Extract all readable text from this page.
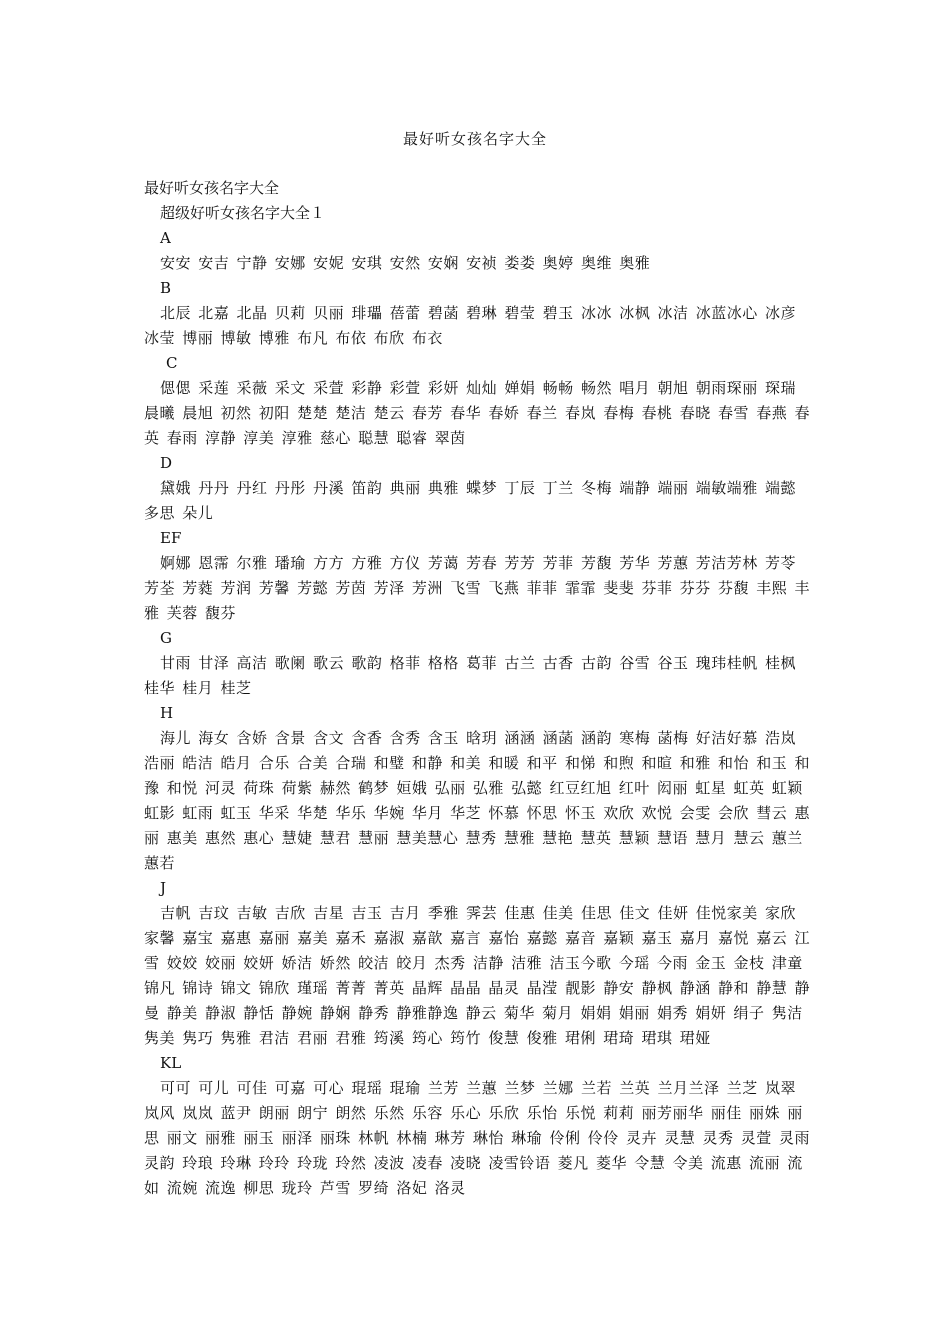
最好听女孩名字大全

最好听女孩名字大全

超级好听女孩名字大全１

A

安安 安吉 宁静 安娜 安妮 安琪 安然 安娴 安祯 娄娄 奥婷 奥维 奥雅

B

北辰 北嘉 北晶 贝莉 贝丽 琲瓃 蓓蕾 碧菡 碧琳 碧莹 碧玉 冰冰 冰枫 冰洁 冰蓝冰心 冰彦 冰莹 博丽 博敏 博雅 布凡 布依 布欣 布衣

C

偲偲 采莲 采薇 采文 采萱 彩静 彩萱 彩妍 灿灿 婵娟 畅畅 畅然 唱月 朝旭 朝雨琛丽 琛瑞 晨曦 晨旭 初然 初阳 楚楚 楚洁 楚云 春芳 春华 春娇 春兰 春岚 春梅 春桃 春晓 春雪 春燕 春英 春雨 淳静 淳美 淳雅 慈心 聪慧 聪睿 翠茵

D

黛娥 丹丹 丹红 丹彤 丹溪 笛韵 典丽 典雅 蝶梦 丁辰 丁兰 冬梅 端静 端丽 端敏端雅 端懿 多思 朵儿

EF

婀娜 恩霈 尔雅 璠瑜 方方 方雅 方仪 芳蔼 芳春 芳芳 芳菲 芳馥 芳华 芳蕙 芳洁芳林 芳苓 芳荃 芳蕤 芳润 芳馨 芳懿 芳茵 芳泽 芳洲 飞雪 飞燕 菲菲 霏霏 斐斐 芬菲 芬芬 芬馥 丰熙 丰雅 芙蓉 馥芬

G

甘雨 甘泽 高洁 歌阑 歌云 歌韵 格菲 格格 葛菲 古兰 古香 古韵 谷雪 谷玉 瑰玮桂帆 桂枫 桂华 桂月 桂芝

H

海儿 海女 含娇 含景 含文 含香 含秀 含玉 晗玥 涵涵 涵菡 涵韵 寒梅 菡梅 好洁好慕 浩岚 浩丽 皓洁 皓月 合乐 合美 合瑞 和璧 和静 和美 和暖 和平 和悌 和煦 和暄 和雅 和怡 和玉 和豫 和悦 河灵 荷珠 荷紫 赫然 鹤梦 姮娥 弘丽 弘雅 弘懿 红豆红旭 红叶 闳丽 虹星 虹英 虹颖 虹影 虹雨 虹玉 华采 华楚 华乐 华婉 华月 华芝 怀慕 怀思 怀玉 欢欣 欢悦 会雯 会欣 彗云 惠丽 惠美 惠然 惠心 慧婕 慧君 慧丽 慧美慧心 慧秀 慧雅 慧艳 慧英 慧颖 慧语 慧月 慧云 蕙兰 蕙若

J

吉帆 吉玟 吉敏 吉欣 吉星 吉玉 吉月 季雅 霁芸 佳惠 佳美 佳思 佳文 佳妍 佳悦家美 家欣 家馨 嘉宝 嘉惠 嘉丽 嘉美 嘉禾 嘉淑 嘉歆 嘉言 嘉怡 嘉懿 嘉音 嘉颖 嘉玉 嘉月 嘉悦 嘉云 江雪 姣姣 姣丽 姣妍 娇洁 娇然 皎洁 皎月 杰秀 洁静 洁雅 洁玉今歌 今瑶 今雨 金玉 金枝 津童 锦凡 锦诗 锦文 锦欣 瑾瑶 菁菁 菁英 晶辉 晶晶 晶灵 晶滢 靓影 静安 静枫 静涵 静和 静慧 静曼 静美 静淑 静恬 静婉 静娴 静秀 静雅静逸 静云 菊华 菊月 娟娟 娟丽 娟秀 娟妍 绢子 隽洁 隽美 隽巧 隽雅 君洁 君丽 君雅 筠溪 筠心 筠竹 俊慧 俊雅 珺俐 珺琦 珺琪 珺娅

KL

可可 可儿 可佳 可嘉 可心 琨瑶 琨瑜 兰芳 兰蕙 兰梦 兰娜 兰若 兰英 兰月兰泽 兰芝 岚翠 岚风 岚岚 蓝尹 朗丽 朗宁 朗然 乐然 乐容 乐心 乐欣 乐怡 乐悦 莉莉 丽芳丽华 丽佳 丽姝 丽思 丽文 丽雅 丽玉 丽泽 丽珠 林帆 林楠 琳芳 琳怡 琳瑜 伶俐 伶伶 灵卉 灵慧 灵秀 灵萱 灵雨 灵韵 玲琅 玲琳 玲玲 玲珑 玲然 凌波 凌春 凌晓 凌雪铃语 菱凡 菱华 令慧 令美 流惠 流丽 流如 流婉 流逸 柳思 珑玲 芦雪 罗绮 洛妃 洛灵
